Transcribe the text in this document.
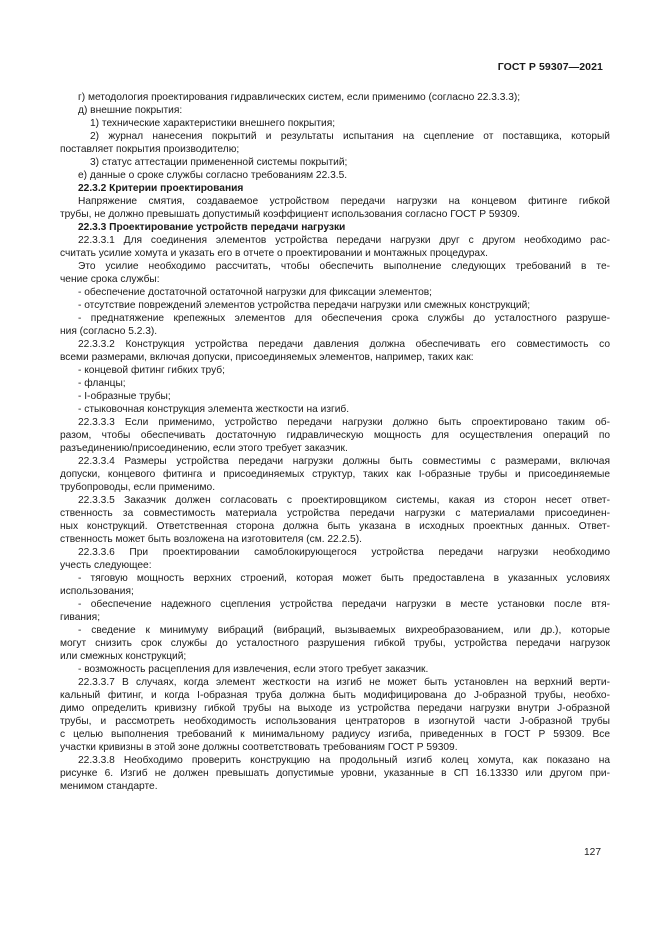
ГОСТ Р 59307—2021
г) методология проектирования гидравлических систем, если применимо (согласно 22.3.3.3);
д) внешние покрытия:
1) технические характеристики внешнего покрытия;
2) журнал нанесения покрытий и результаты испытания на сцепление от поставщика, который
поставляет покрытия производителю;
3) статус аттестации примененной системы покрытий;
е) данные о сроке службы согласно требованиям 22.3.5.
22.3.2 Критерии проектирования
Напряжение смятия, создаваемое устройством передачи нагрузки на концевом фитинге гибкой
трубы, не должно превышать допустимый коэффициент использования согласно ГОСТ Р 59309.
22.3.3 Проектирование устройств передачи нагрузки
22.3.3.1 Для соединения элементов устройства передачи нагрузки друг с другом необходимо рас-
считать усилие хомута и указать его в отчете о проектировании и монтажных процедурах.
Это усилие необходимо рассчитать, чтобы обеспечить выполнение следующих требований в те-
чение срока службы:
- обеспечение достаточной остаточной нагрузки для фиксации элементов;
- отсутствие повреждений элементов устройства передачи нагрузки или смежных конструкций;
- преднатяжение крепежных элементов для обеспечения срока службы до усталостного разруше-
ния (согласно 5.2.3).
22.3.3.2 Конструкция устройства передачи давления должна обеспечивать его совместимость со
всеми размерами, включая допуски, присоединяемых элементов, например, таких как:
- концевой фитинг гибких труб;
- фланцы;
- I-образные трубы;
- стыковочная конструкция элемента жесткости на изгиб.
22.3.3.3 Если применимо, устройство передачи нагрузки должно быть спроектировано таким об-
разом, чтобы обеспечивать достаточную гидравлическую мощность для осуществления операций по
разъединению/присоединению, если этого требует заказчик.
22.3.3.4 Размеры устройства передачи нагрузки должны быть совместимы с размерами, включая
допуски, концевого фитинга и присоединяемых структур, таких как I-образные трубы и присоединяемые
трубопроводы, если применимо.
22.3.3.5 Заказчик должен согласовать с проектировщиком системы, какая из сторон несет ответ-
ственность за совместимость материала устройства передачи нагрузки с материалами присоединен-
ных конструкций. Ответственная сторона должна быть указана в исходных проектных данных. Ответ-
ственность может быть возложена на изготовителя (см. 22.2.5).
22.3.3.6 При проектировании самоблокирующегося устройства передачи нагрузки необходимо
учесть следующее:
- тяговую мощность верхних строений, которая может быть предоставлена в указанных условиях
использования;
- обеспечение надежного сцепления устройства передачи нагрузки в месте установки после втя-
гивания;
- сведение к минимуму вибраций (вибраций, вызываемых вихреобразованием, или др.), которые
могут снизить срок службы до усталостного разрушения гибкой трубы, устройства передачи нагрузок
или смежных конструкций;
- возможность расцепления для извлечения, если этого требует заказчик.
22.3.3.7 В случаях, когда элемент жесткости на изгиб не может быть установлен на верхний верти-
кальный фитинг, и когда I-образная труба должна быть модифицирована до J-образной трубы, необхо-
димо определить кривизну гибкой трубы на выходе из устройства передачи нагрузки внутри J-образной
трубы, и рассмотреть необходимость использования центраторов в изогнутой части J-образной трубы
с целью выполнения требований к минимальному радиусу изгиба, приведенных в ГОСТ Р 59309. Все
участки кривизны в этой зоне должны соответствовать требованиям ГОСТ Р 59309.
22.3.3.8 Необходимо проверить конструкцию на продольный изгиб колец хомута, как показано на
рисунке 6. Изгиб не должен превышать допустимые уровни, указанные в СП 16.13330 или другом при-
менимом стандарте.
127
